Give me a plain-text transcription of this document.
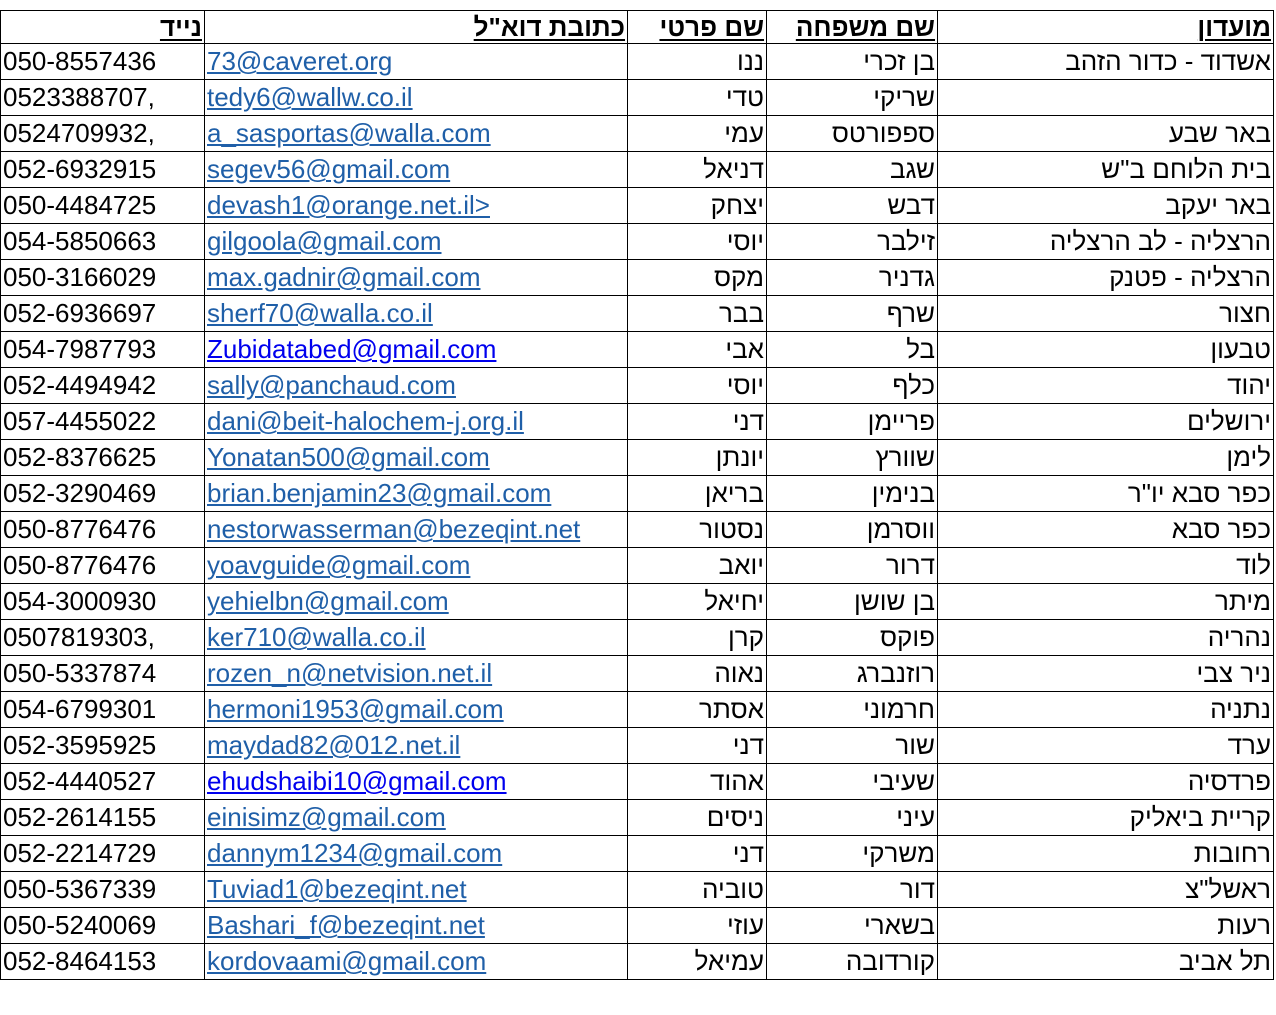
נייד	כתובת דוא"ל	שם פרטי	שם משפחה	מועדון
050-8557436	73@caveret.org	ננו	בן זכרי	אשדוד - כדור הזהב
0523388707,	tedy6@wallw.co.il	טדי	שריקי	
0524709932,	a_sasportas@walla.com	עמי	ספפורטס	באר שבע
052-6932915	segev56@gmail.com	דניאל	שגב	בית הלוחם ב"ש
050-4484725	devash1@orange.net.il>	יצחק	דבש	באר יעקב
054-5850663	gilgoola@gmail.com	יוסי	זילבר	הרצליה - לב הרצליה
050-3166029	max.gadnir@gmail.com	מקס	גדניר	הרצליה - פטנק
052-6936697	sherf70@walla.co.il	בבר	שרף	חצור
054-7987793	Zubidatabed@gmail.com	אבי	בל	טבעון
052-4494942	sally@panchaud.com	יוסי	כלף	יהוד
057-4455022	dani@beit-halochem-j.org.il	דני	פריימן	ירושלים
052-8376625	Yonatan500@gmail.com	יונתן	שוורץ	לימן
052-3290469	brian.benjamin23@gmail.com	בריאן	בנימין	כפר סבא יו"ר
050-8776476	nestorwasserman@bezeqint.net	נסטור	ווסרמן	כפר סבא
050-8776476	yoavguide@gmail.com	יואב	דרור	לוד
054-3000930	yehielbn@gmail.com	יחיאל	בן שושן	מיתר
0507819303,	ker710@walla.co.il	קרן	פוקס	נהריה
050-5337874	rozen_n@netvision.net.il	נאוה	רוזנברג	ניר צבי
054-6799301	hermoni1953@gmail.com	אסתר	חרמוני	נתניה
052-3595925	maydad82@012.net.il	דני	שור	ערד
052-4440527	ehudshaibi10@gmail.com	אהוד	שעיבי	פרדסיה
052-2614155	einisimz@gmail.com	ניסים	עיני	קריית ביאליק
052-2214729	dannym1234@gmail.com	דני	משרקי	רחובות
050-5367339	Tuviad1@bezeqint.net	טוביה	דור	ראשל"צ
050-5240069	Bashari_f@bezeqint.net	עוזי	בשארי	רעות
052-8464153	kordovaami@gmail.com	עמיאל	קורדובה	תל אביב
